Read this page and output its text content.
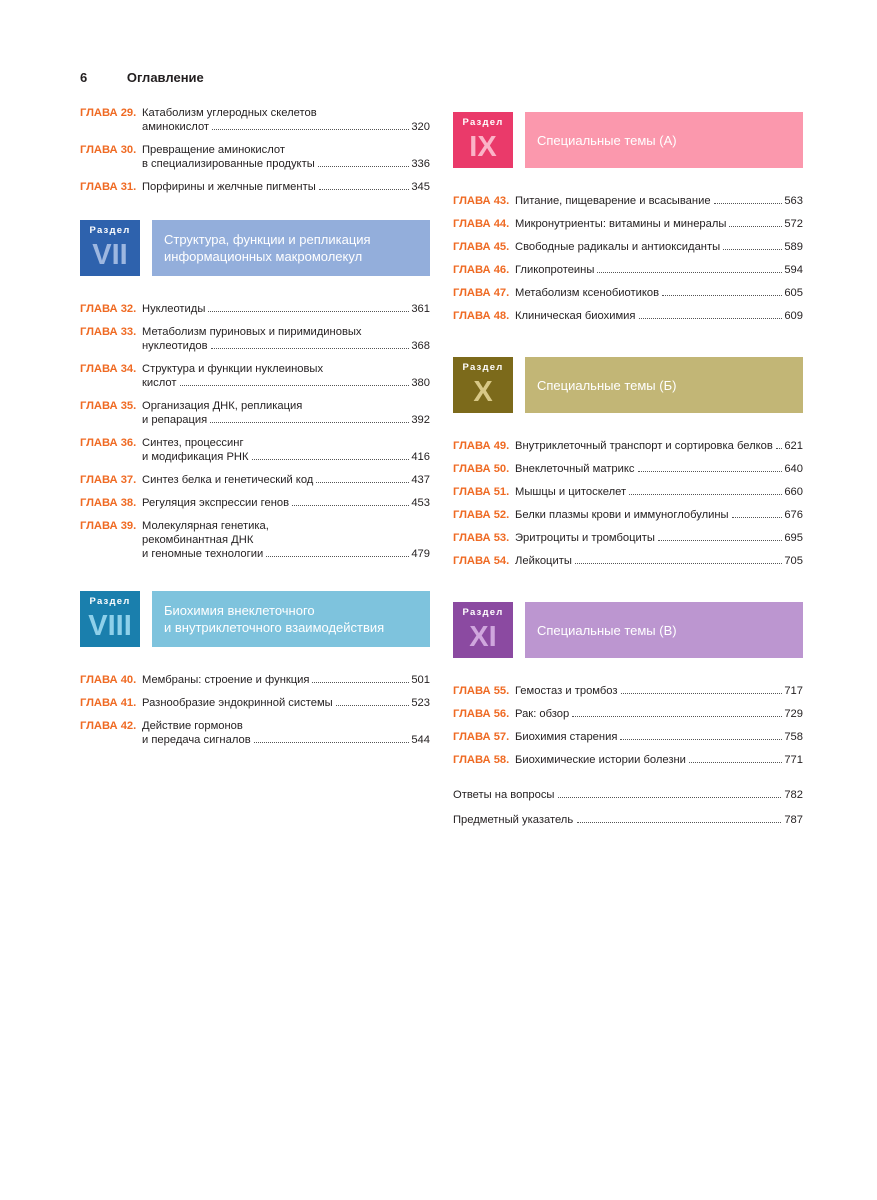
6	Оглавление
ГЛАВА 29. Катаболизм углеродных скелетов
аминокислот	320
ГЛАВА 30. Превращение аминокислот
в специализированные продукты	336
ГЛАВА 31. Порфирины и желчные пигменты	345
Раздел
VII	Структура, функции и репликация
информационных макромолекул
ГЛАВА 32. Нуклеотиды	361
ГЛАВА 33. Метаболизм пуриновых и пиримидиновых
нуклеотидов	368
ГЛАВА 34. Структура и функции нуклеиновых
кислот	380
ГЛАВА 35. Организация ДНК, репликация
и репарация	392
ГЛАВА 36. Синтез, процессинг
и модификация РНК	416
ГЛАВА 37. Синтез белка и генетический код	437
ГЛАВА 38. Регуляция экспрессии генов	453
ГЛАВА 39. Молекулярная генетика,
рекомбинантная ДНК
и геномные технологии	479
Раздел
VIII	Биохимия внеклеточного
и внутриклеточного взаимодействия
ГЛАВА 40. Мембраны: строение и функция	501
ГЛАВА 41. Разнообразие эндокринной системы	523
ГЛАВА 42. Действие гормонов
и передача сигналов	544
Раздел
IX	Специальные темы (А)
ГЛАВА 43. Питание, пищеварение и всасывание	563
ГЛАВА 44. Микронутриенты: витамины и минералы	572
ГЛАВА 45. Свободные радикалы и антиоксиданты	589
ГЛАВА 46. Гликопротеины	594
ГЛАВА 47. Метаболизм ксенобиотиков	605
ГЛАВА 48. Клиническая биохимия	609
Раздел
X	Специальные темы (Б)
ГЛАВА 49. Внутриклеточный транспорт и сортировка белков 621
ГЛАВА 50. Внеклеточный матрикс	640
ГЛАВА 51. Мышцы и цитоскелет	660
ГЛАВА 52. Белки плазмы крови и иммуноглобулины	676
ГЛАВА 53. Эритроциты и тромбоциты	695
ГЛАВА 54. Лейкоциты	705
Раздел
XI	Специальные темы (В)
ГЛАВА 55. Гемостаз и тромбоз	717
ГЛАВА 56. Рак: обзор	729
ГЛАВА 57. Биохимия старения	758
ГЛАВА 58. Биохимические истории болезни	771
Ответы на вопросы	782
Предметный указатель	787
